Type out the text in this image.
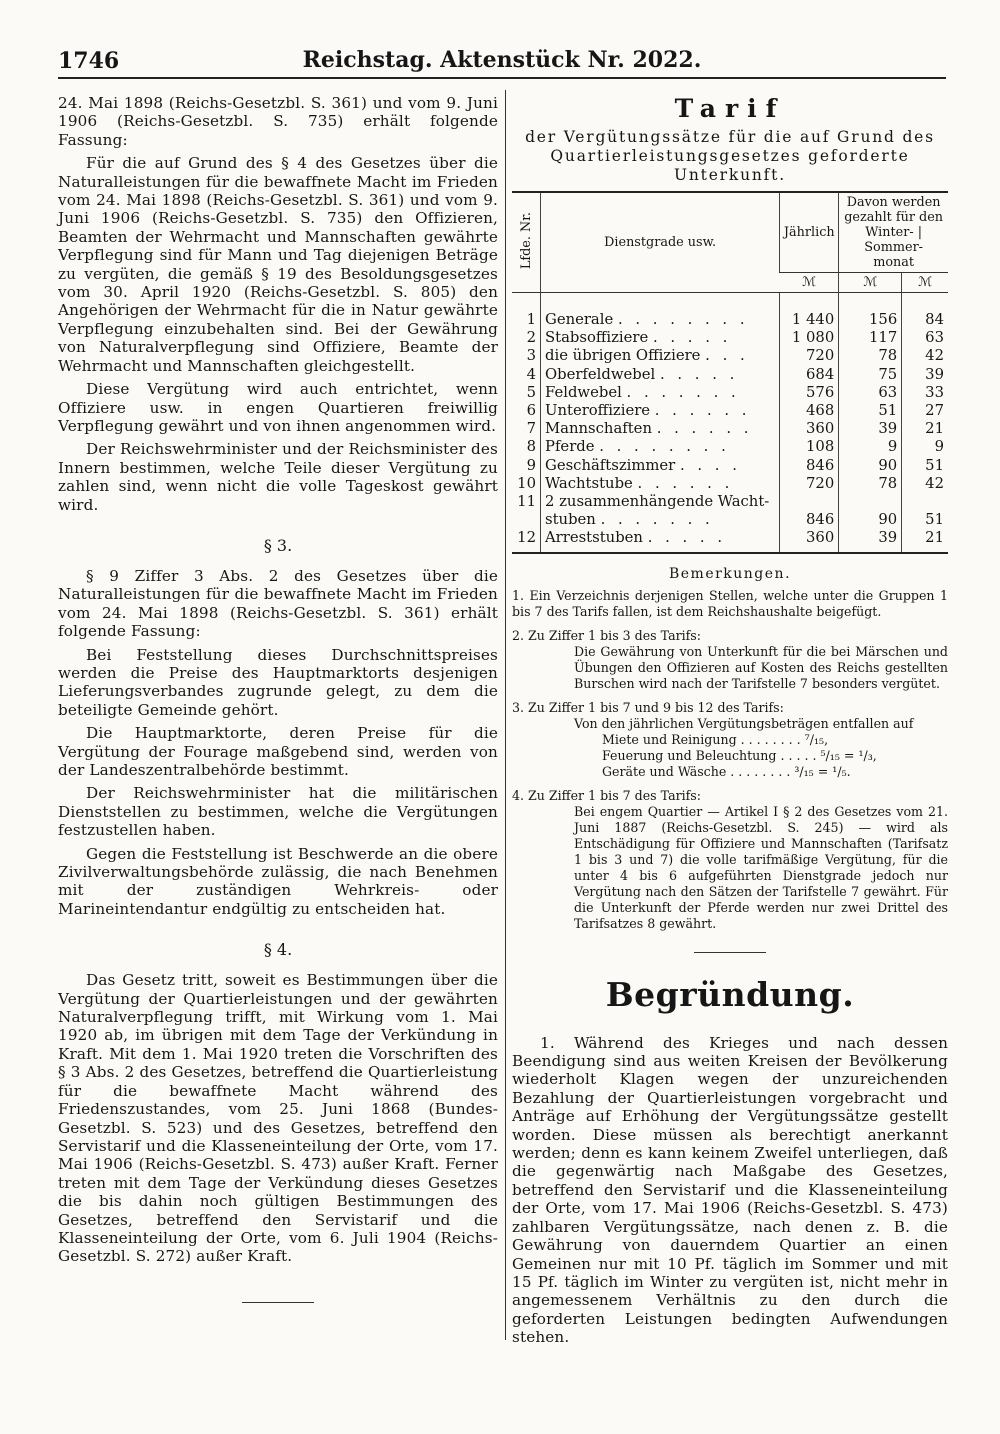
1746	Reichstag. Aktenstück Nr. 2022.

24. Mai 1898 (Reichs-Gesetzbl. S. 361) und vom 9. Juni 1906 (Reichs-Gesetzbl. S. 735) erhält folgende Fassung:

Für die auf Grund des § 4 des Gesetzes über die Naturalleistungen für die bewaffnete Macht im Frieden vom 24. Mai 1898 (Reichs-Gesetzbl. S. 361) und vom 9. Juni 1906 (Reichs-Gesetzbl. S. 735) den Offizieren, Beamten der Wehrmacht und Mannschaften gewährte Verpflegung sind für Mann und Tag diejenigen Beträge zu vergüten, die gemäß § 19 des Besoldungsgesetzes vom 30. April 1920 (Reichs-Gesetzbl. S. 805) den Angehörigen der Wehrmacht für die in Natur gewährte Verpflegung einzubehalten sind. Bei der Gewährung von Naturalverpflegung sind Offiziere, Beamte der Wehrmacht und Mannschaften gleichgestellt.

Diese Vergütung wird auch entrichtet, wenn Offiziere usw. in engen Quartieren freiwillig Verpflegung gewährt und von ihnen angenommen wird.

Der Reichswehrminister und der Reichsminister des Innern bestimmen, welche Teile dieser Vergütung zu zahlen sind, wenn nicht die volle Tageskost gewährt wird.

§ 3.

§ 9 Ziffer 3 Abs. 2 des Gesetzes über die Naturalleistungen für die bewaffnete Macht im Frieden vom 24. Mai 1898 (Reichs-Gesetzbl. S. 361) erhält folgende Fassung:

Bei Feststellung dieses Durchschnittspreises werden die Preise des Hauptmarktorts desjenigen Lieferungsverbandes zugrunde gelegt, zu dem die beteiligte Gemeinde gehört.

Die Hauptmarktorte, deren Preise für die Vergütung der Fourage maßgebend sind, werden von der Landeszentralbehörde bestimmt.

Der Reichswehrminister hat die militärischen Dienststellen zu bestimmen, welche die Vergütungen festzustellen haben.

Gegen die Feststellung ist Beschwerde an die obere Zivilverwaltungsbehörde zulässig, die nach Benehmen mit der zuständigen Wehrkreis- oder Marineintendantur endgültig zu entscheiden hat.

§ 4.

Das Gesetz tritt, soweit es Bestimmungen über die Vergütung der Quartierleistungen und der gewährten Naturalverpflegung trifft, mit Wirkung vom 1. Mai 1920 ab, im übrigen mit dem Tage der Verkündung in Kraft. Mit dem 1. Mai 1920 treten die Vorschriften des § 3 Abs. 2 des Gesetzes, betreffend die Quartierleistung für die bewaffnete Macht während des Friedenszustandes, vom 25. Juni 1868 (Bundes-Gesetzbl. S. 523) und des Gesetzes, betreffend den Servistarif und die Klasseneinteilung der Orte, vom 17. Mai 1906 (Reichs-Gesetzbl. S. 473) außer Kraft. Ferner treten mit dem Tage der Verkündung dieses Gesetzes die bis dahin noch gültigen Bestimmungen des Gesetzes, betreffend den Servistarif und die Klasseneinteilung der Orte, vom 6. Juli 1904 (Reichs-Gesetzbl. S. 272) außer Kraft.

Tarif
der Vergütungssätze für die auf Grund des Quartierleistungsgesetzes geforderte Unterkunft.
Lfde. Nr.	Dienstgrade usw.	Jährlich	Davon werden gezahlt für den Winter- | Sommer- monat	
		ℳ	ℳ	ℳ
1	Generale . . . . . . . .	1 440	156	84
2	Stabsoffiziere . . . . .	1 080	117	63
3	die übrigen Offiziere . . .	720	78	42
4	Oberfeldwebel . . . . .	684	75	39
5	Feldwebel . . . . . . .	576	63	33
6	Unteroffiziere . . . . . .	468	51	27
7	Mannschaften . . . . . .	360	39	21
8	Pferde . . . . . . . .	108	9	9
9	Geschäftszimmer . . . .	846	90	51
10	Wachtstube . . . . . .	720	78	42
11	2 zusammenhängende Wacht-			
	stuben . . . . . . .	846	90	51
12	Arreststuben . . . . .	360	39	21
Bemerkungen.
1. Ein Verzeichnis derjenigen Stellen, welche unter die Gruppen 1 bis 7 des Tarifs fallen, ist dem Reichshaushalte beigefügt.
2. Zu Ziffer 1 bis 3 des Tarifs:
Die Gewährung von Unterkunft für die bei Märschen und Übungen den Offizieren auf Kosten des Reichs gestellten Burschen wird nach der Tarifstelle 7 besonders vergütet.
3. Zu Ziffer 1 bis 7 und 9 bis 12 des Tarifs:
Von den jährlichen Vergütungsbeträgen entfallen auf
Miete und Reinigung . . . . . . . . ⁷/₁₅,
Feuerung und Beleuchtung . . . . . ⁵/₁₅ = ¹/₃,
Geräte und Wäsche . . . . . . . . ³/₁₅ = ¹/₅.
4. Zu Ziffer 1 bis 7 des Tarifs:
Bei engem Quartier — Artikel I § 2 des Gesetzes vom 21. Juni 1887 (Reichs-Gesetzbl. S. 245) — wird als Entschädigung für Offiziere und Mannschaften (Tarifsatz 1 bis 3 und 7) die volle tarifmäßige Vergütung, für die unter 4 bis 6 aufgeführten Dienstgrade jedoch nur Vergütung nach den Sätzen der Tarifstelle 7 gewährt. Für die Unterkunft der Pferde werden nur zwei Drittel des Tarifsatzes 8 gewährt.
Begründung.

1. Während des Krieges und nach dessen Beendigung sind aus weiten Kreisen der Bevölkerung wiederholt Klagen wegen der unzureichenden Bezahlung der Quartierleistungen vorgebracht und Anträge auf Erhöhung der Vergütungssätze gestellt worden. Diese müssen als berechtigt anerkannt werden; denn es kann keinem Zweifel unterliegen, daß die gegenwärtig nach Maßgabe des Gesetzes, betreffend den Servistarif und die Klasseneinteilung der Orte, vom 17. Mai 1906 (Reichs-Gesetzbl. S. 473) zahlbaren Vergütungssätze, nach denen z. B. die Gewährung von dauerndem Quartier an einen Gemeinen nur mit 10 Pf. täglich im Sommer und mit 15 Pf. täglich im Winter zu vergüten ist, nicht mehr in angemessenem Verhältnis zu den durch die geforderten Leistungen bedingten Aufwendungen stehen.
